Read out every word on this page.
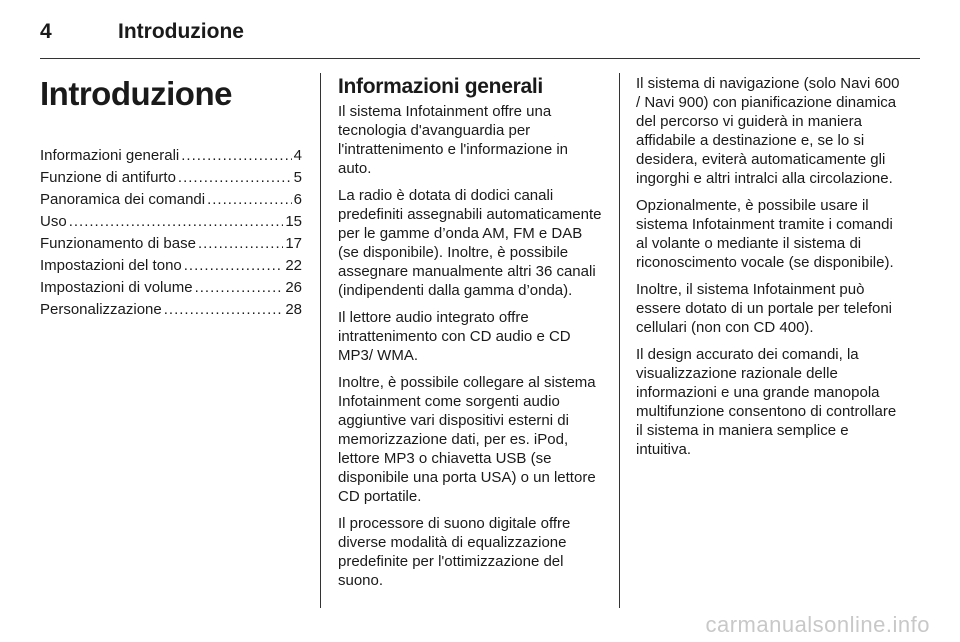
4	Introduzione
Introduzione
Informazioni generali .....	4
Funzione di antifurto .....	5
Panoramica dei comandi .....	6
Uso .....	15
Funzionamento di base .....	17
Impostazioni del tono .....	22
Impostazioni di volume .....	26
Personalizzazione .....	28
Informazioni generali

Il sistema Infotainment offre una tecnologia d'avanguardia per l'intrattenimento e l'informazione in auto.

La radio è dotata di dodici canali predefiniti assegnabili automaticamente per le gamme d’onda AM, FM e DAB (se disponibile). Inoltre, è possibile assegnare manualmente altri 36 canali (indipendenti dalla gamma d’onda).

Il lettore audio integrato offre intrattenimento con CD audio e CD MP3/ WMA.

Inoltre, è possibile collegare al sistema Infotainment come sorgenti audio aggiuntive vari dispositivi esterni di memorizzazione dati, per es. iPod, lettore MP3 o chiavetta USB (se disponibile una porta USA) o un lettore CD portatile.

Il processore di suono digitale offre diverse modalità di equalizzazione predefinite per l'ottimizzazione del suono.

Il sistema di navigazione (solo Navi 600 / Navi 900) con pianificazione dinamica del percorso vi guiderà in maniera affidabile a destinazione e, se lo si desidera, eviterà automaticamente gli ingorghi e altri intralci alla circolazione.

Opzionalmente, è possibile usare il sistema Infotainment tramite i comandi al volante o mediante il sistema di riconoscimento vocale (se disponibile).

Inoltre, il sistema Infotainment può essere dotato di un portale per telefoni cellulari (non con CD 400).

Il design accurato dei comandi, la visualizzazione razionale delle informazioni e una grande manopola multifunzione consentono di controllare il sistema in maniera semplice e intuitiva.

carmanualsonline.info
